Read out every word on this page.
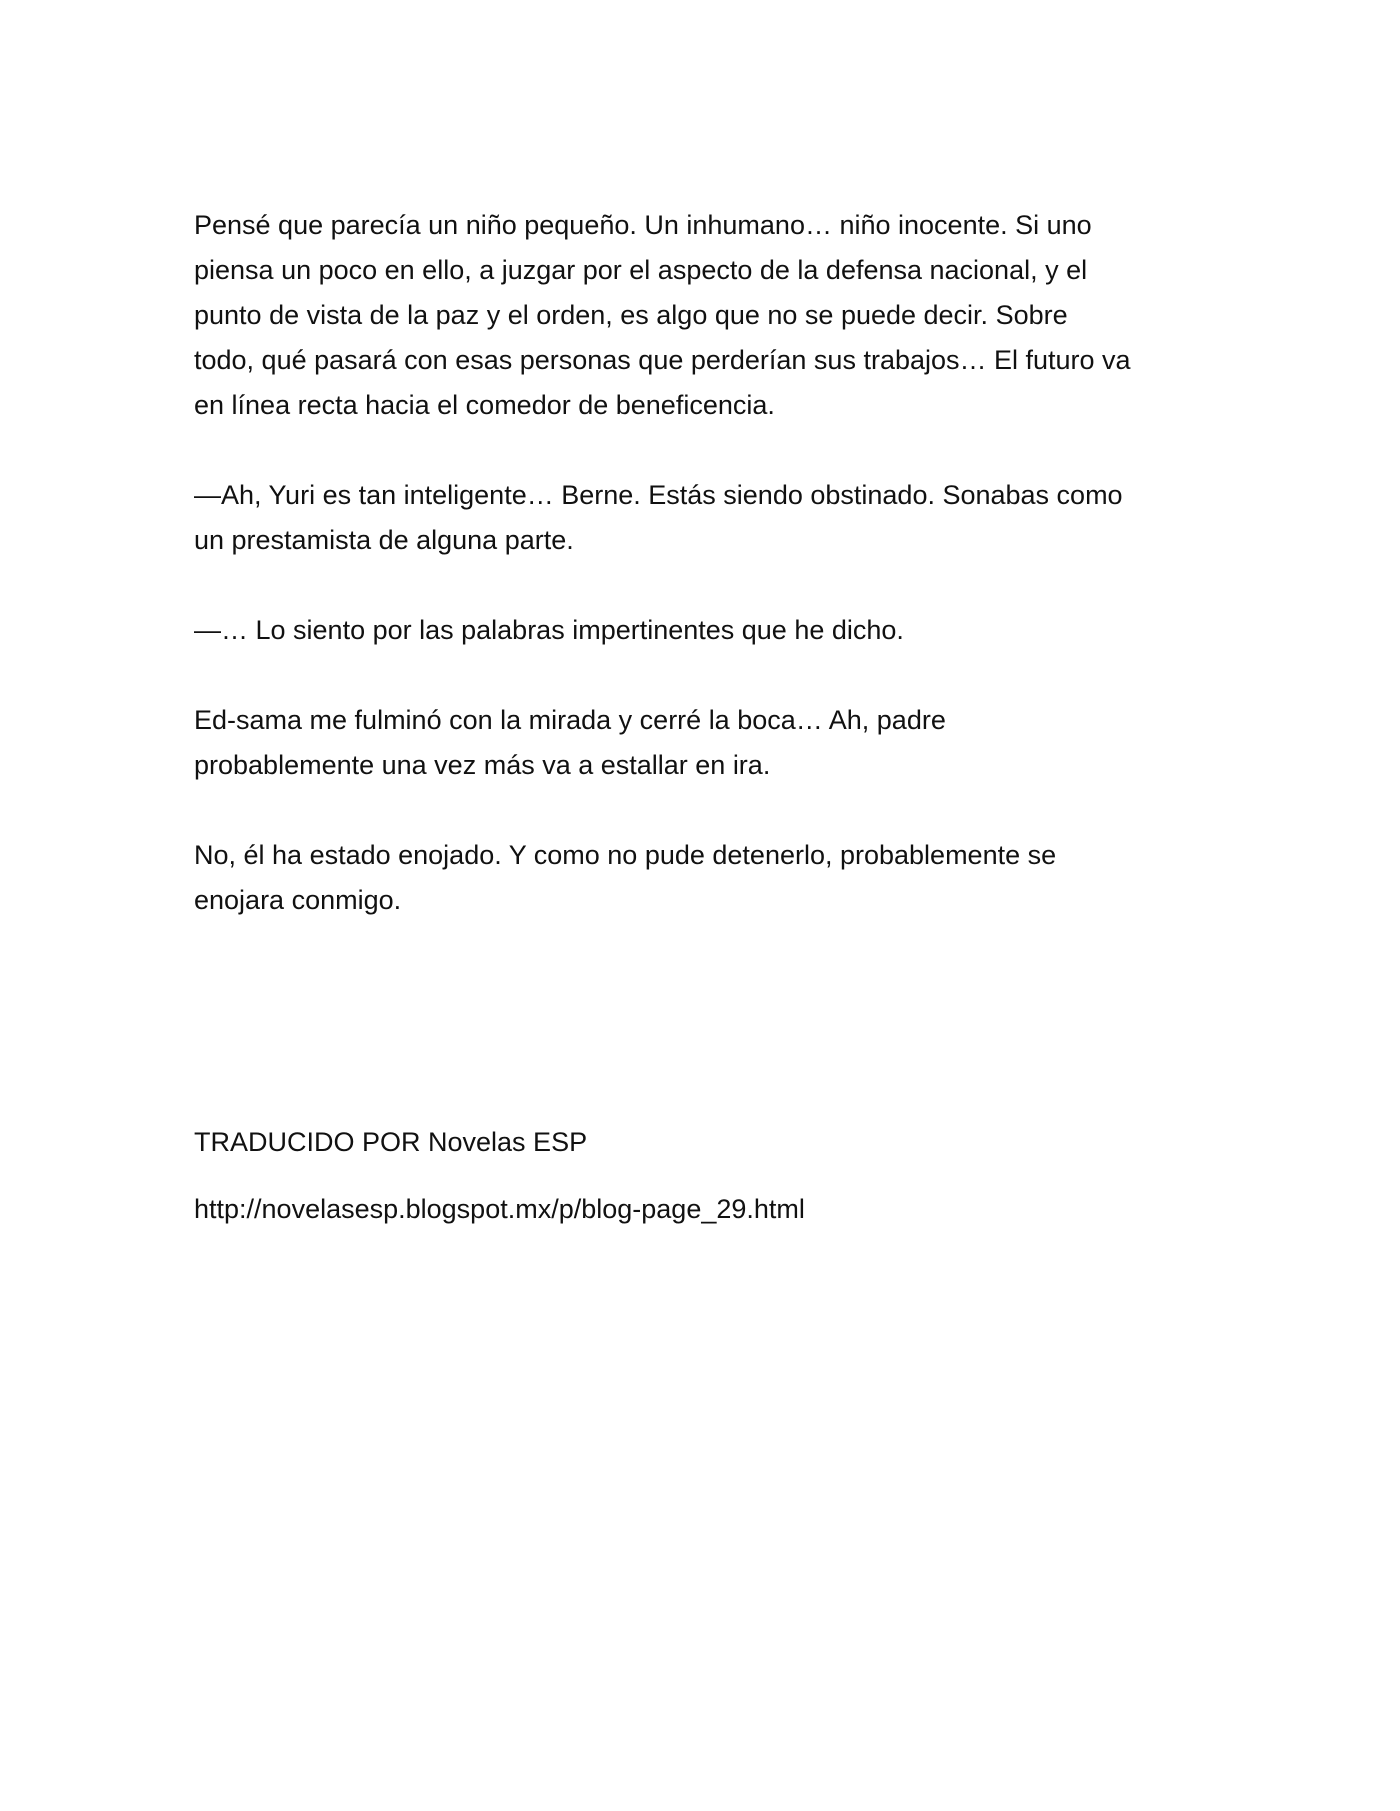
Pensé que parecía un niño pequeño. Un inhumano… niño inocente. Si uno
piensa un poco en ello, a juzgar por el aspecto de la defensa nacional, y el
punto de vista de la paz y el orden, es algo que no se puede decir. Sobre
todo, qué pasará con esas personas que perderían sus trabajos… El futuro va
en línea recta hacia el comedor de beneficencia.

—Ah, Yuri es tan inteligente… Berne. Estás siendo obstinado. Sonabas como
un prestamista de alguna parte.

—… Lo siento por las palabras impertinentes que he dicho.

Ed-sama me fulminó con la mirada y cerré la boca… Ah, padre
probablemente una vez más va a estallar en ira.

No, él ha estado enojado. Y como no pude detenerlo, probablemente se
enojara conmigo.

TRADUCIDO POR Novelas ESP

http://novelasesp.blogspot.mx/p/blog-page_29.html
